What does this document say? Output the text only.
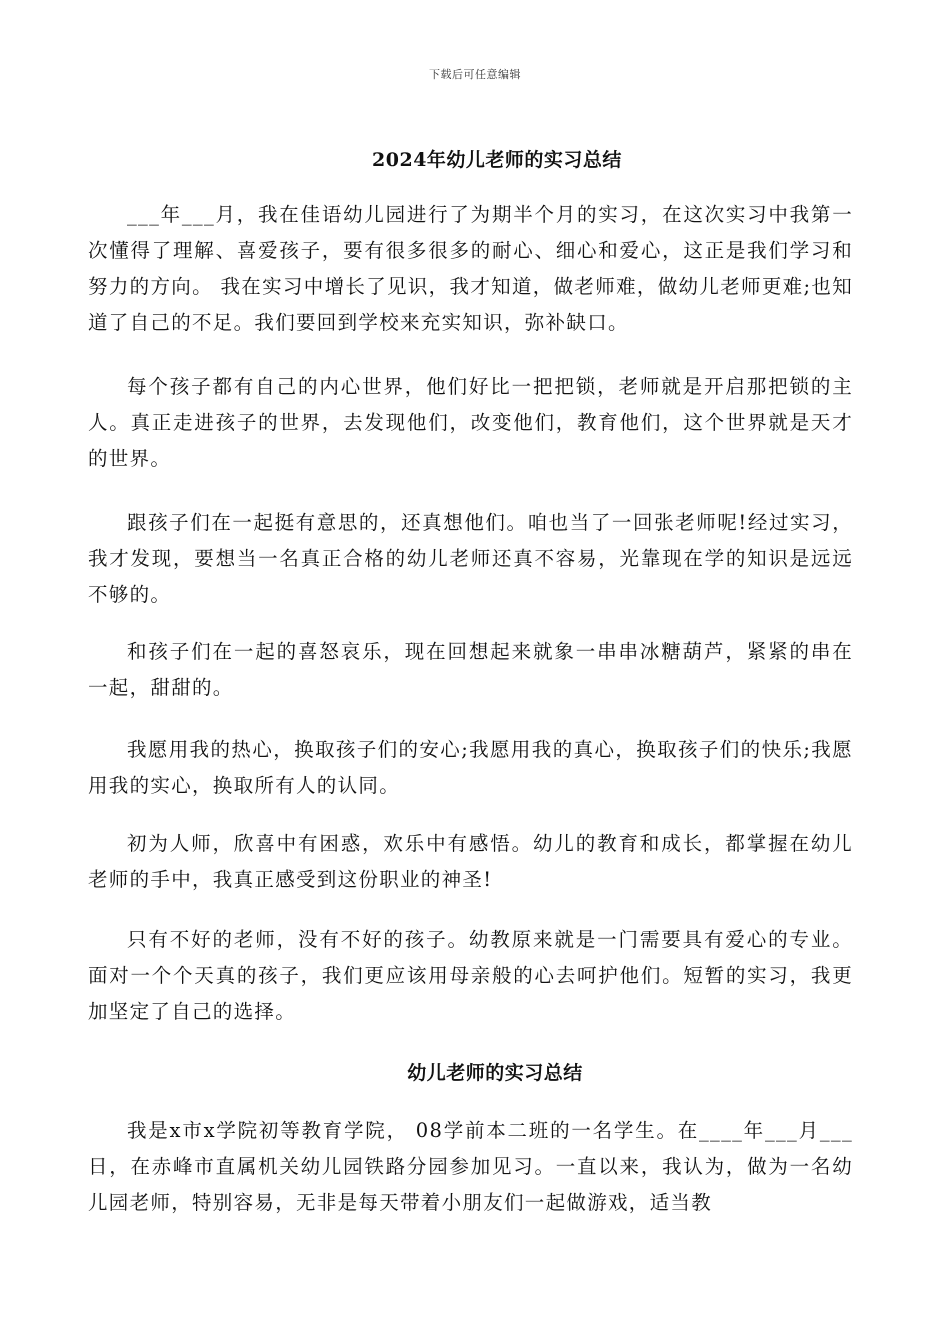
下载后可任意编辑
2024年幼儿老师的实习总结

___年___月，我在佳语幼儿园进行了为期半个月的实习，在这次实习中我第一次懂得了理解、喜爱孩子，要有很多很多的耐心、细心和爱心，这正是我们学习和努力的方向。 我在实习中增长了见识，我才知道，做老师难，做幼儿老师更难;也知道了自己的不足。我们要回到学校来充实知识，弥补缺口。

每个孩子都有自己的内心世界，他们好比一把把锁，老师就是开启那把锁的主人。真正走进孩子的世界，去发现他们，改变他们，教育他们，这个世界就是天才的世界。

跟孩子们在一起挺有意思的，还真想他们。咱也当了一回张老师呢!经过实习，我才发现，要想当一名真正合格的幼儿老师还真不容易，光靠现在学的知识是远远不够的。

和孩子们在一起的喜怒哀乐，现在回想起来就象一串串冰糖葫芦，紧紧的串在一起，甜甜的。

我愿用我的热心，换取孩子们的安心;我愿用我的真心，换取孩子们的快乐;我愿用我的实心，换取所有人的认同。

初为人师，欣喜中有困惑，欢乐中有感悟。幼儿的教育和成长，都掌握在幼儿老师的手中，我真正感受到这份职业的神圣!

只有不好的老师，没有不好的孩子。幼教原来就是一门需要具有爱心的专业。面对一个个天真的孩子，我们更应该用母亲般的心去呵护他们。短暂的实习，我更加坚定了自己的选择。

幼儿老师的实习总结

我是x市x学院初等教育学院， 08学前本二班的一名学生。在____年___月___日，在赤峰市直属机关幼儿园铁路分园参加见习。一直以来，我认为，做为一名幼儿园老师，特别容易，无非是每天带着小朋友们一起做游戏，适当教
